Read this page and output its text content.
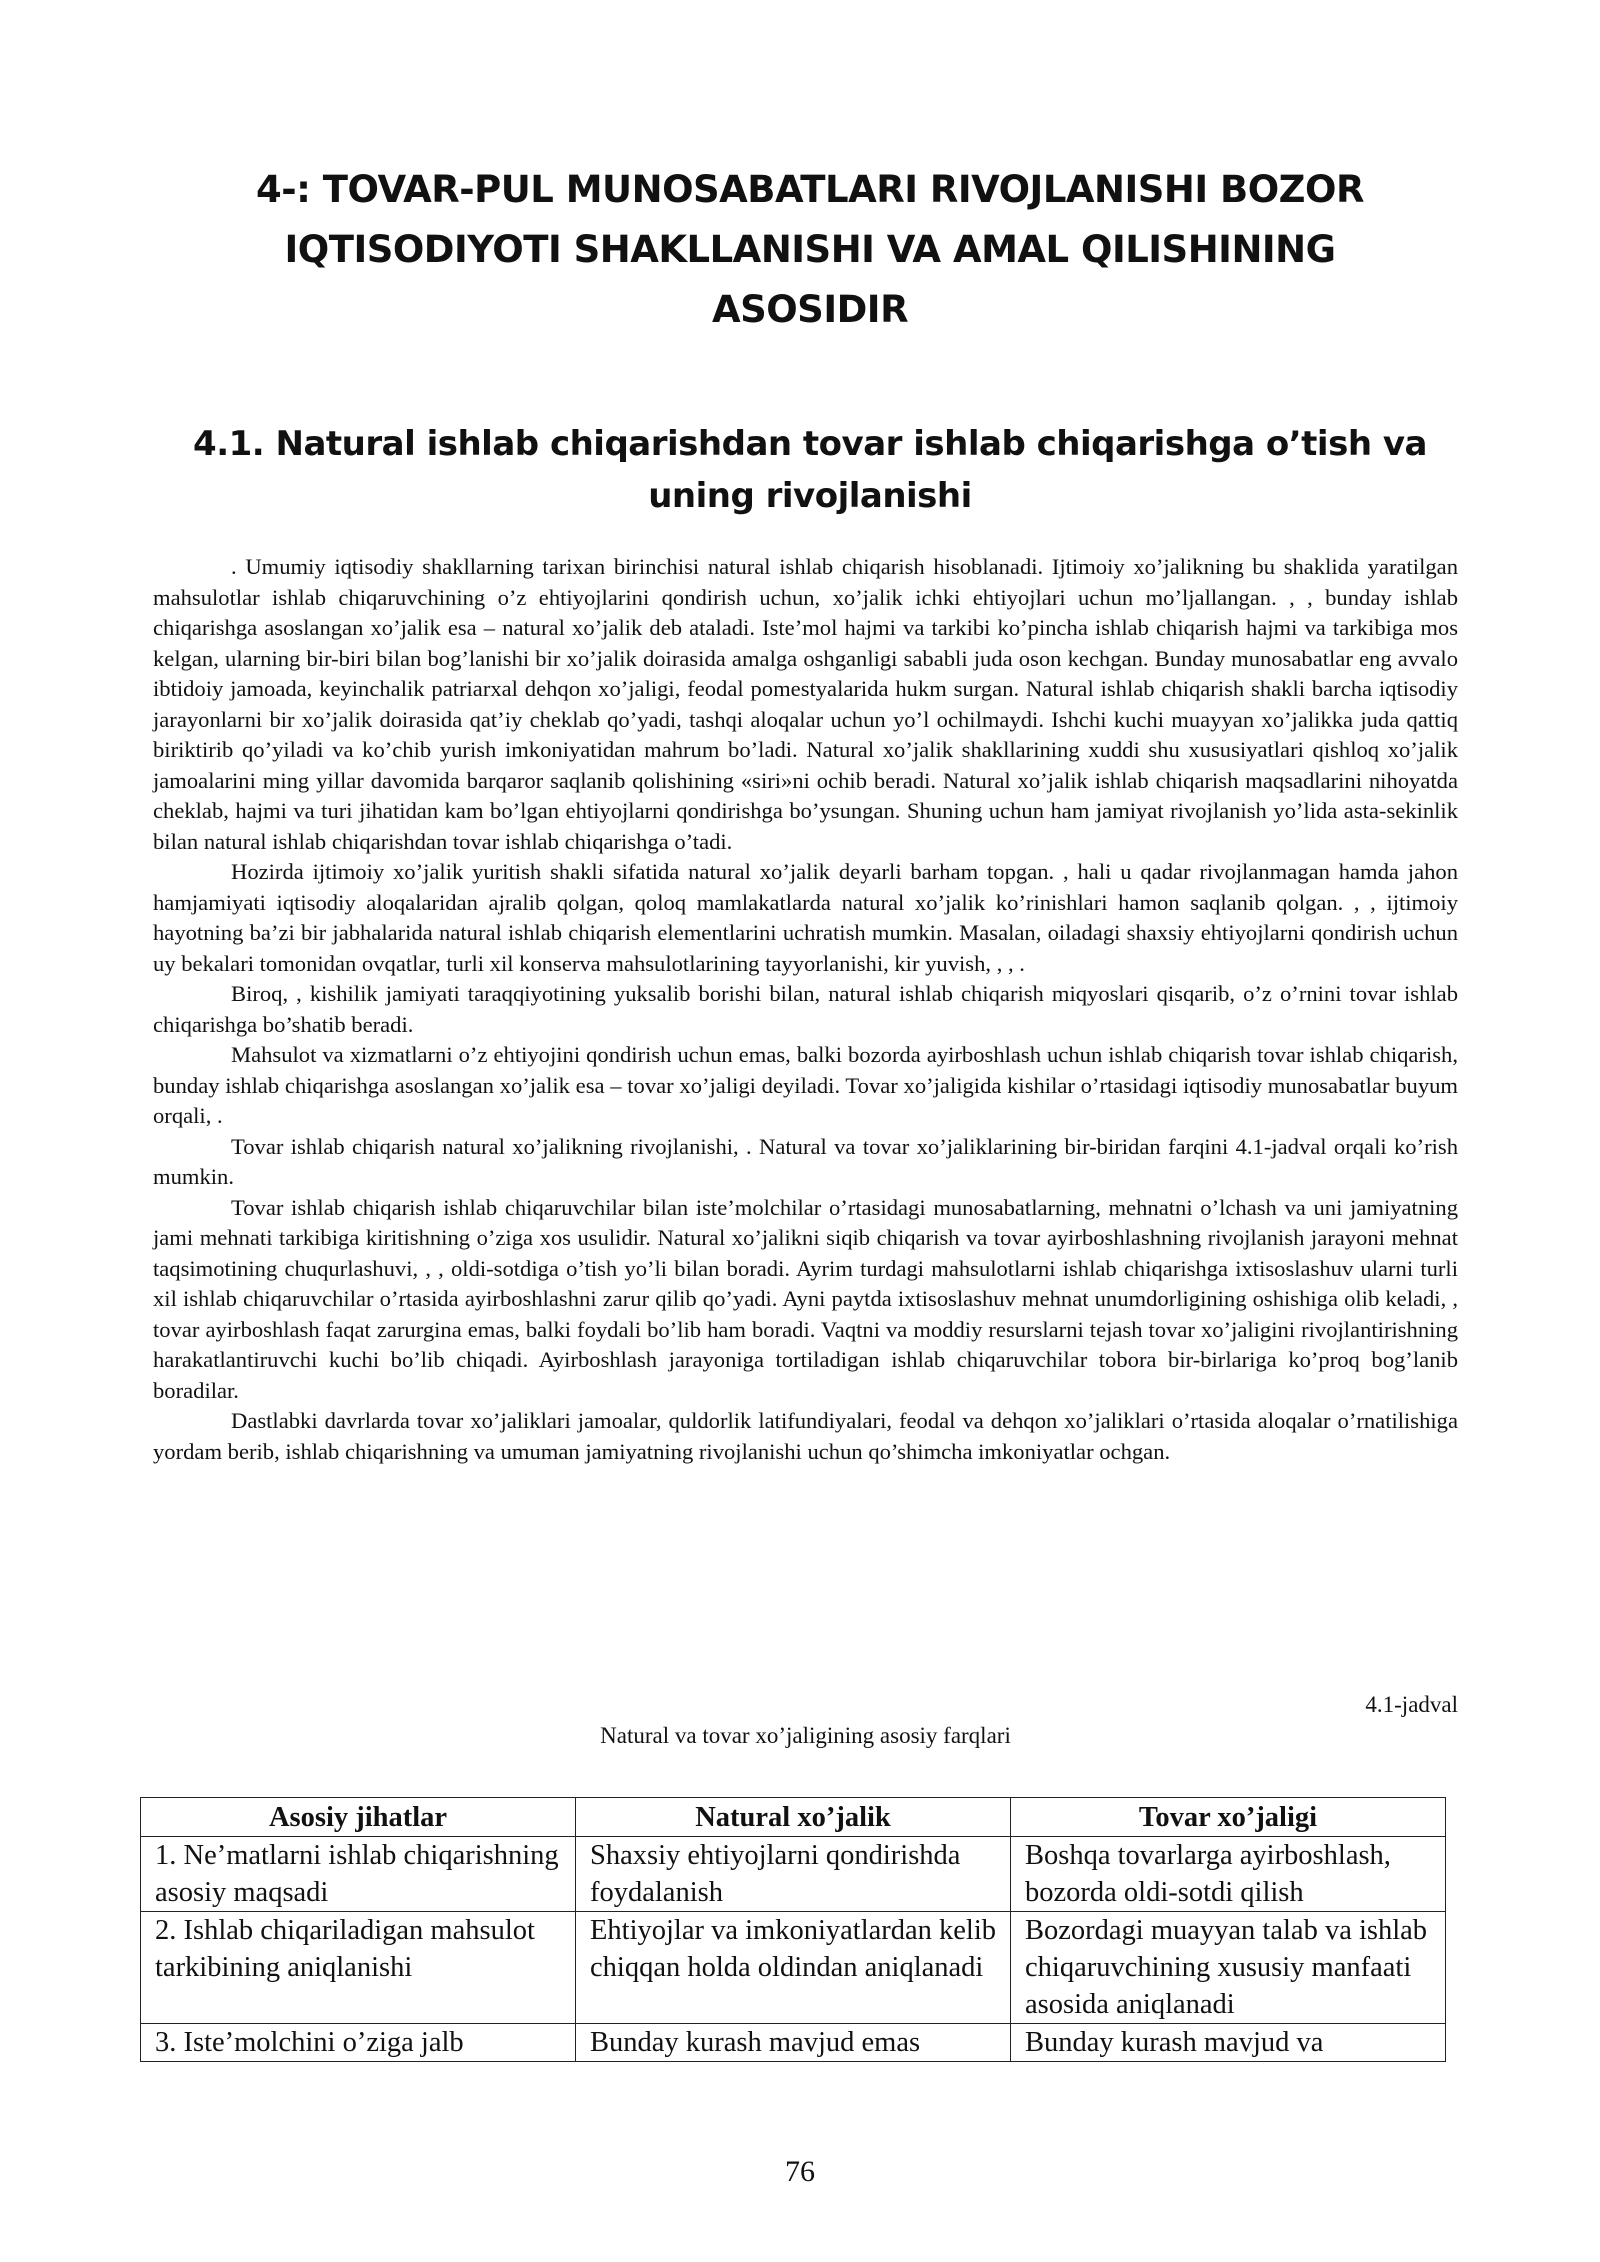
4-: TOVAR-PUL MUNOSABATLARI RIVOJLANISHI BOZOR IQTISODIYOTI SHAKLLANISHI VA AMAL QILISHINING ASOSIDIR
4.1. Natural ishlab chiqarishdan tovar ishlab chiqarishga o’tish va uning rivojlanishi

. Umumiy iqtisodiy shakllarning tarixan birinchisi natural ishlab chiqarish hisoblanadi. Ijtimoiy xo’jalikning bu shaklida yaratilgan mahsulotlar ishlab chiqaruvchining o’z ehtiyojlarini qondirish uchun, xo’jalik ichki ehtiyojlari uchun mo’ljallangan. , , bunday ishlab chiqarishga asoslangan xo’jalik esa – natural xo’jalik deb ataladi. Iste’mol hajmi va tarkibi ko’pincha ishlab chiqarish hajmi va tarkibiga mos kelgan, ularning bir-biri bilan bog’lanishi bir xo’jalik doirasida amalga oshganligi sababli juda oson kechgan. Bunday munosabatlar eng avvalo ibtidoiy jamoada, keyinchalik patriarxal dehqon xo’jaligi, feodal pomestyalarida hukm surgan. Natural ishlab chiqarish shakli barcha iqtisodiy jarayonlarni bir xo’jalik doirasida qat’iy cheklab qo’yadi, tashqi aloqalar uchun yo’l ochilmaydi. Ishchi kuchi muayyan xo’jalikka juda qattiq biriktirib qo’yiladi va ko’chib yurish imkoniyatidan mahrum bo’ladi. Natural xo’jalik shakllarining xuddi shu xususiyatlari qishloq xo’jalik jamoalarini ming yillar davomida barqaror saqlanib qolishining «siri»ni ochib beradi. Natural xo’jalik ishlab chiqarish maqsadlarini nihoyatda cheklab, hajmi va turi jihatidan kam bo’lgan ehtiyojlarni qondirishga bo’ysungan. Shuning uchun ham jamiyat rivojlanish yo’lida asta-sekinlik bilan natural ishlab chiqarishdan tovar ishlab chiqarishga o’tadi.

Hozirda ijtimoiy xo’jalik yuritish shakli sifatida natural xo’jalik deyarli barham topgan. , hali u qadar rivojlanmagan hamda jahon hamjamiyati iqtisodiy aloqalaridan ajralib qolgan, qoloq mamlakatlarda natural xo’jalik ko’rinishlari hamon saqlanib qolgan. , , ijtimoiy hayotning ba’zi bir jabhalarida natural ishlab chiqarish elementlarini uchratish mumkin. Masalan, oiladagi shaxsiy ehtiyojlarni qondirish uchun uy bekalari tomonidan ovqatlar, turli xil konserva mahsulotlarining tayyorlanishi, kir yuvish, , , .

Biroq, , kishilik jamiyati taraqqiyotining yuksalib borishi bilan, natural ishlab chiqarish miqyoslari qisqarib, o’z o’rnini tovar ishlab chiqarishga bo’shatib beradi.

Mahsulot va xizmatlarni o’z ehtiyojini qondirish uchun emas, balki bozorda ayirboshlash uchun ishlab chiqarish tovar ishlab chiqarish, bunday ishlab chiqarishga asoslangan xo’jalik esa – tovar xo’jaligi deyiladi. Tovar xo’jaligida kishilar o’rtasidagi iqtisodiy munosabatlar buyum orqali, .

Tovar ishlab chiqarish natural xo’jalikning rivojlanishi, . Natural va tovar xo’jaliklarining bir-biridan farqini 4.1-jadval orqali ko’rish mumkin.

Tovar ishlab chiqarish ishlab chiqaruvchilar bilan iste’molchilar o’rtasidagi munosabatlarning, mehnatni o’lchash va uni jamiyatning jami mehnati tarkibiga kiritishning o’ziga xos usulidir. Natural xo’jalikni siqib chiqarish va tovar ayirboshlashning rivojlanish jarayoni mehnat taqsimotining chuqurlashuvi, , , oldi-sotdiga o’tish yo’li bilan boradi. Ayrim turdagi mahsulotlarni ishlab chiqarishga ixtisoslashuv ularni turli xil ishlab chiqaruvchilar o’rtasida ayirboshlashni zarur qilib qo’yadi. Ayni paytda ixtisoslashuv mehnat unumdorligining oshishiga olib keladi, , tovar ayirboshlash faqat zarurgina emas, balki foydali bo’lib ham boradi. Vaqtni va moddiy resurslarni tejash tovar xo’jaligini rivojlantirishning harakatlantiruvchi kuchi bo’lib chiqadi. Ayirboshlash jarayoniga tortiladigan ishlab chiqaruvchilar tobora bir-birlariga ko’proq bog’lanib boradilar.

Dastlabki davrlarda tovar xo’jaliklari jamoalar, quldorlik latifundiyalari, feodal va dehqon xo’jaliklari o’rtasida aloqalar o’rnatilishiga yordam berib, ishlab chiqarishning va umuman jamiyatning rivojlanishi uchun qo’shimcha imkoniyatlar ochgan.

4.1-jadval
Natural va tovar xo’jaligining asosiy farqlari
Asosiy jihatlar	Natural xo’jalik	Tovar xo’jaligi
1. Ne’matlarni ishlab chiqarishning asosiy maqsadi	Shaxsiy ehtiyojlarni qondirishda foydalanish	Boshqa tovarlarga ayirboshlash, bozorda oldi-sotdi qilish
2. Ishlab chiqariladigan mahsulot tarkibining aniqlanishi	Ehtiyojlar va imkoniyatlardan kelib chiqqan holda oldindan aniqlanadi	Bozordagi muayyan talab va ishlab chiqaruvchining xususiy manfaati asosida aniqlanadi
3. Iste’molchini o’ziga jalb	Bunday kurash mavjud emas	Bunday kurash mavjud va
76
